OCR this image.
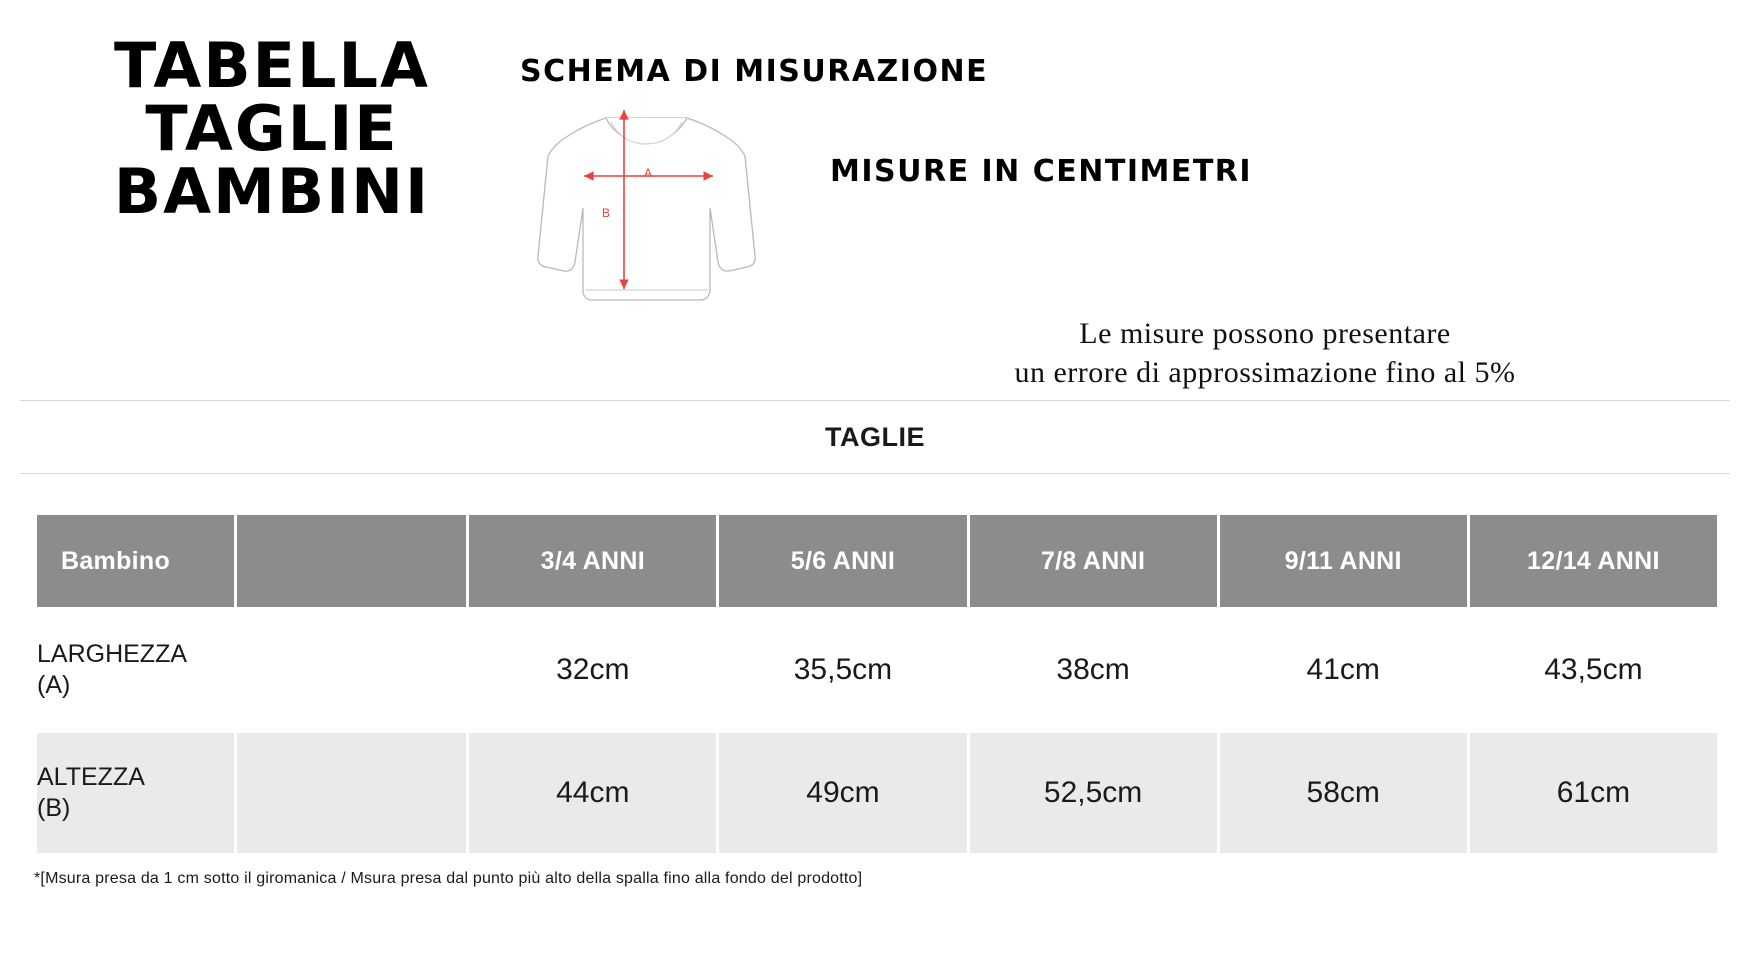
TABELLA
TAGLIE
BAMBINI	A
B
SCHEMA DI MISURAZIONE
MISURE IN CENTIMETRI
Le misure possono presentare
un errore di approssimazione fino al 5%
TAGLIE
Bambino		3/4 ANNI	5/6 ANNI	7/8 ANNI	9/11 ANNI	12/14 ANNI

LARGHEZZA
(A)		32cm	35,5cm	38cm	41cm	43,5cm

ALTEZZA
(B)		44cm	49cm	52,5cm	58cm	61cm
*[Msura presa da 1 cm sotto il giromanica / Msura presa dal punto più alto della spalla fino alla fondo del prodotto]
